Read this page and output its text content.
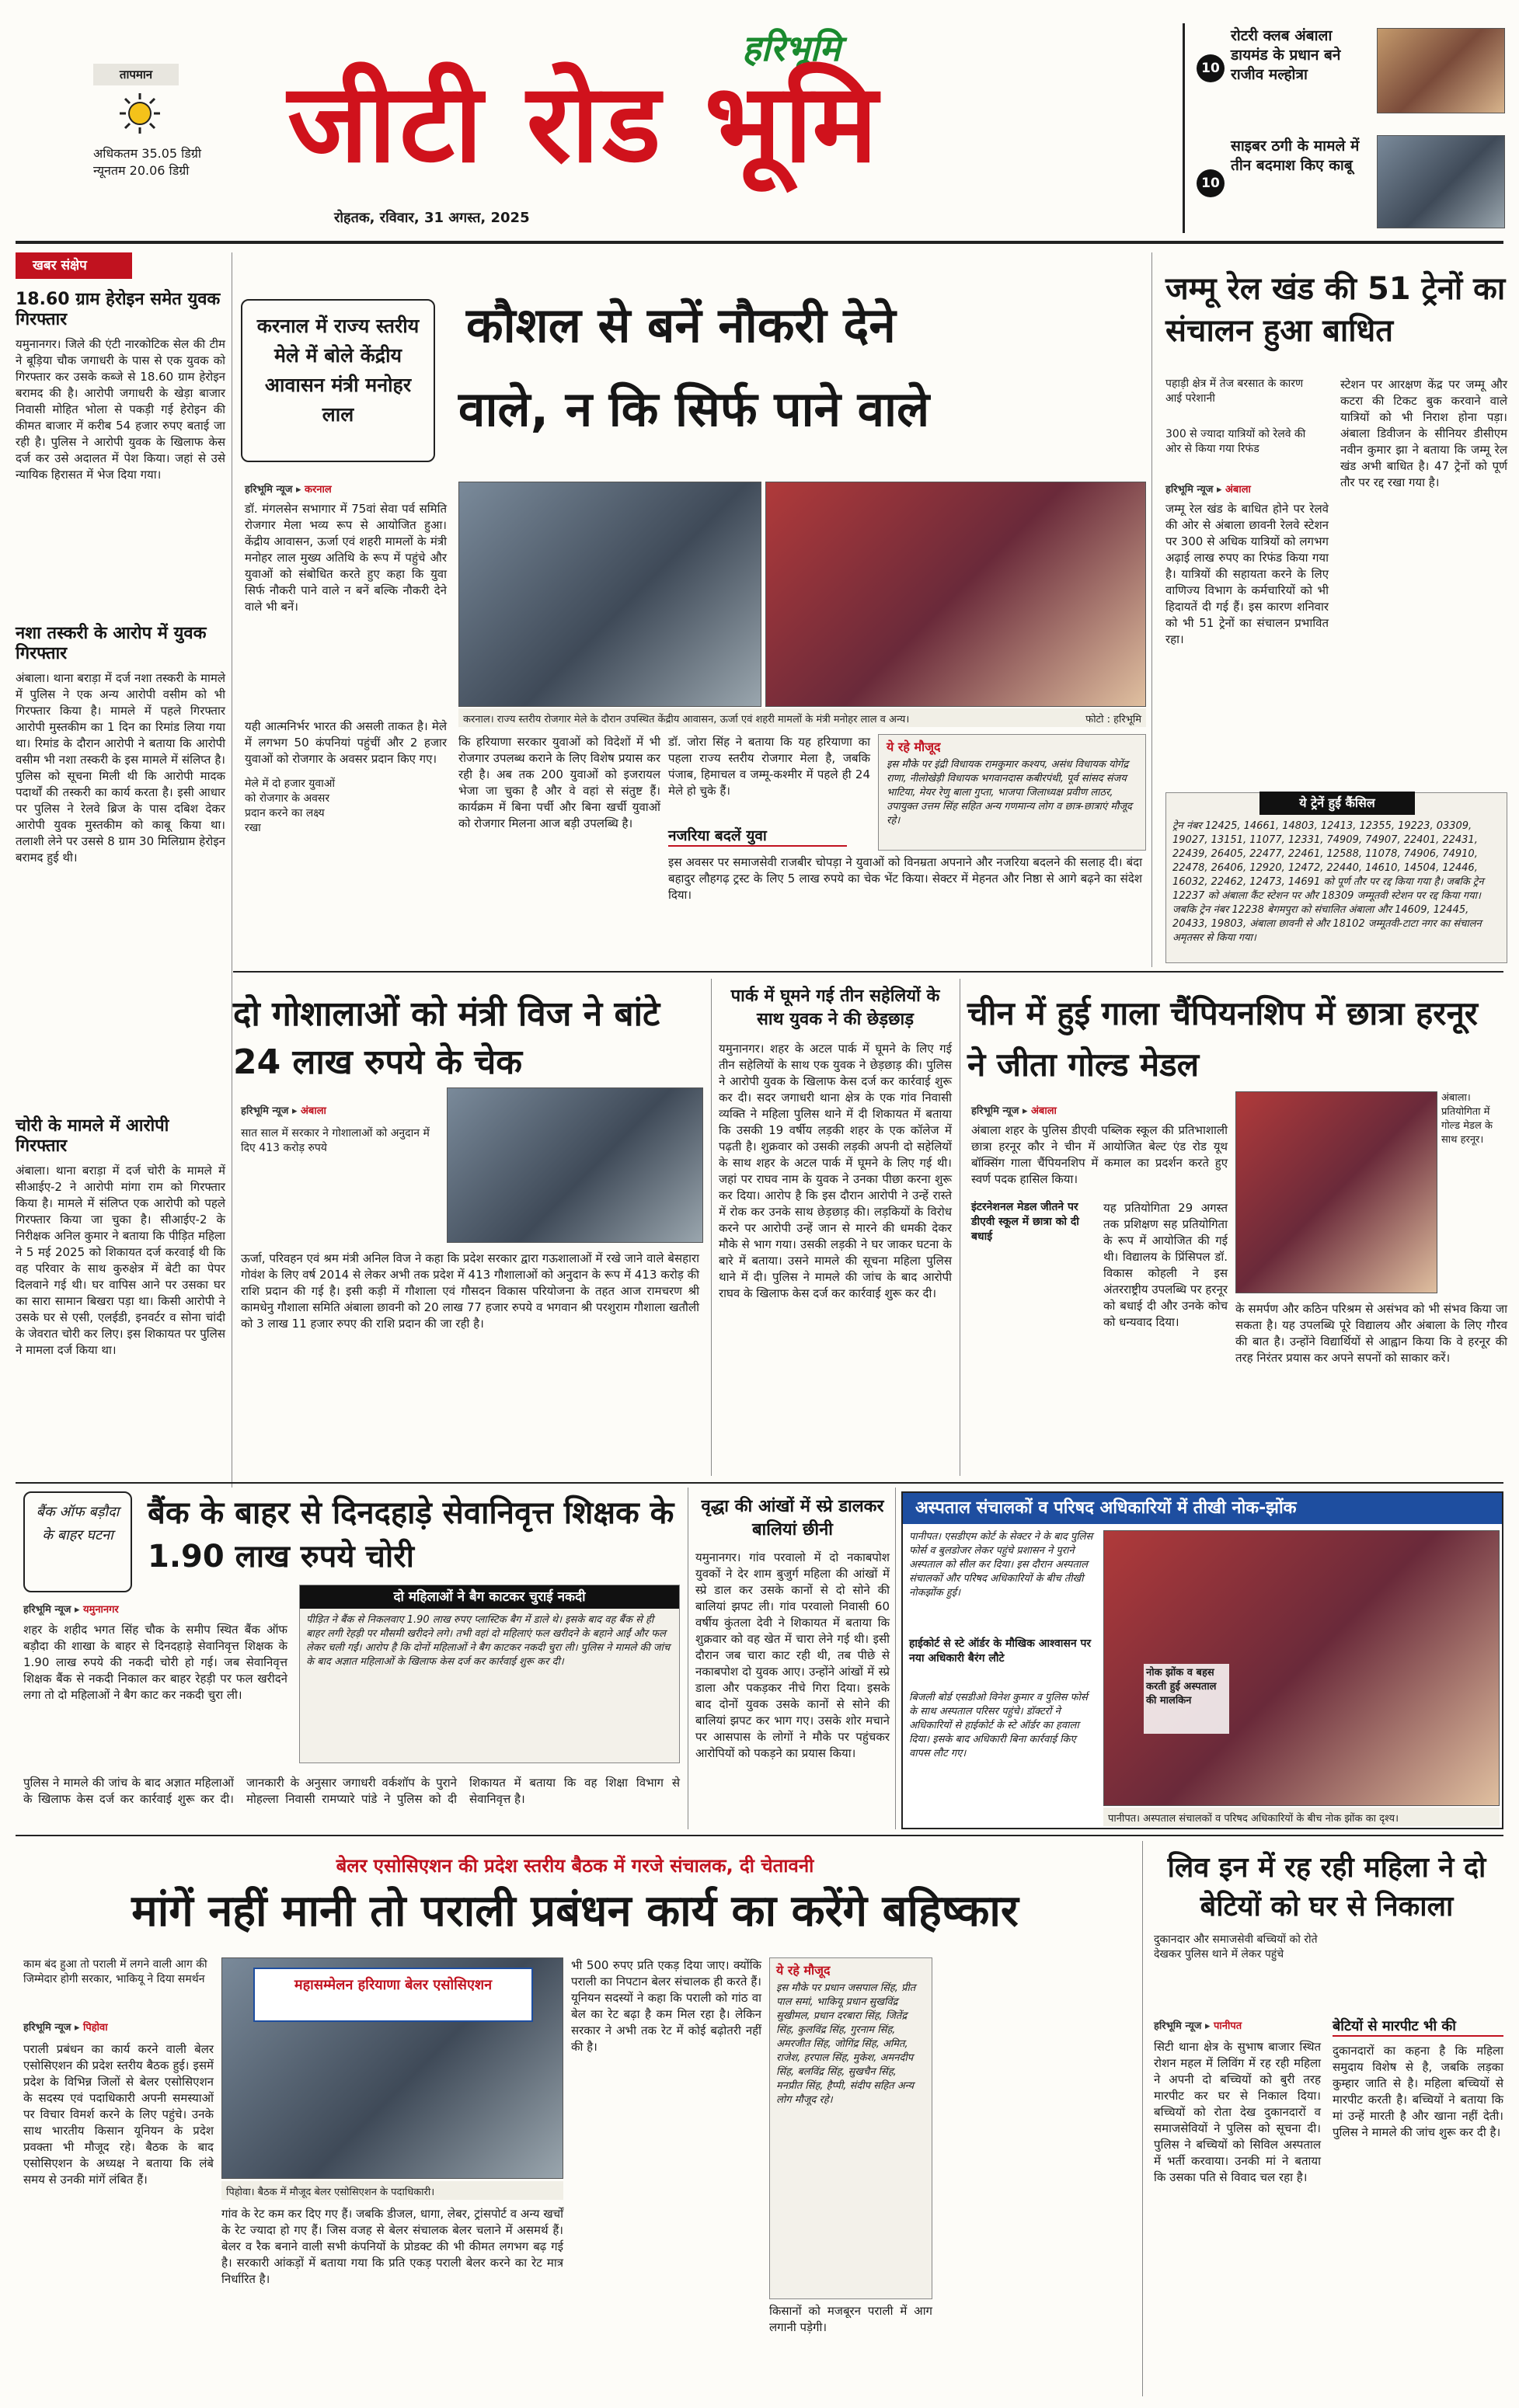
तापमान
अधिकतम 35.05 डिग्री
न्यूनतम 20.06 डिग्री
हरिभूमि
जीटी रोड भूमि
रोहतक, रविवार, 31 अगस्त, 2025
10
रोटरी क्लब अंबाला डायमंड के प्रधान बने राजीव मल्होत्रा
10
साइबर ठगी के मामले में तीन बदमाश किए काबू
खबर संक्षेप
18.60 ग्राम हेरोइन समेत युवक गिरफ्तार
यमुनानगर। जिले की एंटी नारकोटिक सेल की टीम ने बूड़िया चौक जगाधरी के पास से एक युवक को गिरफ्तार कर उसके कब्जे से 18.60 ग्राम हेरोइन बरामद की है। आरोपी जगाधरी के खेड़ा बाजार निवासी मोहित भोला से पकड़ी गई हेरोइन की कीमत बाजार में करीब 54 हजार रुपए बताई जा रही है। पुलिस ने आरोपी युवक के खिलाफ केस दर्ज कर उसे अदालत में पेश किया। जहां से उसे न्यायिक हिरासत में भेज दिया गया।
नशा तस्करी के आरोप में युवक गिरफ्तार
अंबाला। थाना बराड़ा में दर्ज नशा तस्करी के मामले में पुलिस ने एक अन्य आरोपी वसीम को भी गिरफ्तार किया है। मामले में पहले गिरफ्तार आरोपी मुस्तकीम का 1 दिन का रिमांड लिया गया था। रिमांड के दौरान आरोपी ने बताया कि आरोपी वसीम भी नशा तस्करी के इस मामले में संलिप्त है। पुलिस को सूचना मिली थी कि आरोपी मादक पदार्थों की तस्करी का कार्य करता है। इसी आधार पर पुलिस ने रेलवे ब्रिज के पास दबिश देकर आरोपी युवक मुस्तकीम को काबू किया था। तलाशी लेने पर उससे 8 ग्राम 30 मिलिग्राम हेरोइन बरामद हुई थी।
चोरी के मामले में आरोपी गिरफ्तार
अंबाला। थाना बराड़ा में दर्ज चोरी के मामले में सीआईए-2 ने आरोपी मांगा राम को गिरफ्तार किया है। मामले में संलिप्त एक आरोपी को पहले गिरफ्तार किया जा चुका है। सीआईए-2 के निरीक्षक अनिल कुमार ने बताया कि पीड़ित महिला ने 5 मई 2025 को शिकायत दर्ज करवाई थी कि वह परिवार के साथ कुरुक्षेत्र में बेटी का पेपर दिलवाने गई थी। घर वापिस आने पर उसका घर का सारा सामान बिखरा पड़ा था। किसी आरोपी ने उसके घर से एसी, एलईडी, इनवर्टर व सोना चांदी के जेवरात चोरी कर लिए। इस शिकायत पर पुलिस ने मामला दर्ज किया था।
करनाल में राज्य स्तरीय मेले में बोले केंद्रीय आवासन मंत्री मनोहर लाल
कौशल से बनें नौकरी देने
वाले, न कि सिर्फ पाने वाले
हरिभूमि न्यूज ▸ करनाल
डॉ. मंगलसेन सभागार में 75वां सेवा पर्व समिति रोजगार मेला भव्य रूप से आयोजित हुआ। केंद्रीय आवासन, ऊर्जा एवं शहरी मामलों के मंत्री मनोहर लाल मुख्य अतिथि के रूप में पहुंचे और युवाओं को संबोधित करते हुए कहा कि युवा सिर्फ नौकरी पाने वाले न बनें बल्कि नौकरी देने वाले भी बनें।
यही आत्मनिर्भर भारत की असली ताकत है। मेले में लगभग 50 कंपनियां पहुंचीं और 2 हजार युवाओं को रोजगार के अवसर प्रदान किए गए।
मेले में दो हजार युवाओं को रोजगार के अवसर प्रदान करने का लक्ष्य रखा
करनाल। राज्य स्तरीय रोजगार मेले के दौरान उपस्थित केंद्रीय आवासन, ऊर्जा एवं शहरी मामलों के मंत्री मनोहर लाल व अन्य।	फोटो : हरिभूमि
कि हरियाणा सरकार युवाओं को विदेशों में भी रोजगार उपलब्ध कराने के लिए विशेष प्रयास कर रही है। अब तक 200 युवाओं को इजरायल भेजा जा चुका है और वे वहां से संतुष्ट हैं। कार्यक्रम में बिना पर्ची और बिना खर्ची युवाओं को रोजगार मिलना आज बड़ी उपलब्धि है।
डॉ. जोरा सिंह ने बताया कि यह हरियाणा का पहला राज्य स्तरीय रोजगार मेला है, जबकि पंजाब, हिमाचल व जम्मू-कश्मीर में पहले ही 24 मेले हो चुके हैं।
नजरिया बदलें युवा
इस अवसर पर समाजसेवी राजबीर चोपड़ा ने युवाओं को विनम्रता अपनाने और नजरिया बदलने की सलाह दी। बंदा बहादुर लौहगढ़ ट्रस्ट के लिए 5 लाख रुपये का चेक भेंट किया। सेक्टर में मेहनत और निष्ठा से आगे बढ़ने का संदेश दिया।
ये रहे मौजूद
इस मौके पर इंद्री विधायक रामकुमार कश्यप, असंध विधायक योगेंद्र राणा, नीलोखेड़ी विधायक भगवानदास कबीरपंथी, पूर्व सांसद संजय भाटिया, मेयर रेणु बाला गुप्ता, भाजपा जिलाध्यक्ष प्रवीण लाठर, उपायुक्त उत्तम सिंह सहित अन्य गणमान्य लोग व छात्र-छात्राएं मौजूद रहे।
जम्मू रेल खंड की 51 ट्रेनों का संचालन हुआ बाधित
पहाड़ी क्षेत्र में तेज बरसात के कारण आई परेशानी
300 से ज्यादा यात्रियों को रेलवे की ओर से किया गया रिफंड
हरिभूमि न्यूज ▸ अंबाला
जम्मू रेल खंड के बाधित होने पर रेलवे की ओर से अंबाला छावनी रेलवे स्टेशन पर 300 से अधिक यात्रियों को लगभग अढ़ाई लाख रुपए का रिफंड किया गया है। यात्रियों की सहायता करने के लिए वाणिज्य विभाग के कर्मचारियों को भी हिदायतें दी गई हैं। इस कारण शनिवार को भी 51 ट्रेनों का संचालन प्रभावित रहा।
स्टेशन पर आरक्षण केंद्र पर जम्मू और कटरा की टिकट बुक करवाने वाले यात्रियों को भी निराश होना पड़ा। अंबाला डिवीजन के सीनियर डीसीएम नवीन कुमार झा ने बताया कि जम्मू रेल खंड अभी बाधित है। 47 ट्रेनों को पूर्ण तौर पर रद्द रखा गया है।
ये ट्रेनें हुईं कैंसिल
ट्रेन नंबर 12425, 14661, 14803, 12413, 12355, 19223, 03309, 19027, 13151, 11077, 12331, 74909, 74907, 22401, 22431, 22439, 26405, 22477, 22461, 12588, 11078, 74906, 74910, 22478, 26406, 12920, 12472, 22440, 14610, 14504, 12446, 16032, 22462, 12473, 14691 को पूर्ण तौर पर रद्द किया गया है। जबकि ट्रेन 12237 को अंबाला कैंट स्टेशन पर और 18309 जम्मूतवी स्टेशन पर रद्द किया गया। जबकि ट्रेन नंबर 12238 बेगमपुरा को संचालित अंबाला और 14609, 12445, 20433, 19803, अंबाला छावनी से और 18102 जम्मूतवी-टाटा नगर का संचालन अमृतसर से किया गया।
दो गोशालाओं को मंत्री विज ने बांटे 24 लाख रुपये के चेक
हरिभूमि न्यूज ▸ अंबाला
ऊर्जा, परिवहन एवं श्रम मंत्री अनिल विज ने कहा कि प्रदेश सरकार द्वारा गऊशालाओं में रखे जाने वाले बेसहारा गोवंश के लिए वर्ष 2014 से लेकर अभी तक प्रदेश में 413 गौशालाओं को अनुदान के रूप में 413 करोड़ की राशि प्रदान की गई है। इसी कड़ी में गौशाला एवं गौसदन विकास परियोजना के तहत आज रामचरण श्री कामधेनु गौशाला समिति अंबाला छावनी को 20 लाख 77 हजार रुपये व भगवान श्री परशुराम गौशाला खतौली को 3 लाख 11 हजार रुपए की राशि प्रदान की जा रही है।
सात साल में सरकार ने गोशालाओं को अनुदान में दिए 413 करोड़ रुपये
पार्क में घूमने गई तीन सहेलियों के साथ युवक ने की छेड़छाड़
यमुनानगर। शहर के अटल पार्क में घूमने के लिए गई तीन सहेलियों के साथ एक युवक ने छेड़छाड़ की। पुलिस ने आरोपी युवक के खिलाफ केस दर्ज कर कार्रवाई शुरू कर दी। सदर जगाधरी थाना क्षेत्र के एक गांव निवासी व्यक्ति ने महिला पुलिस थाने में दी शिकायत में बताया कि उसकी 19 वर्षीय लड़की शहर के एक कॉलेज में पढ़ती है। शुक्रवार को उसकी लड़की अपनी दो सहेलियों के साथ शहर के अटल पार्क में घूमने के लिए गई थी। जहां पर राघव नाम के युवक ने उनका पीछा करना शुरू कर दिया। आरोप है कि इस दौरान आरोपी ने उन्हें रास्ते में रोक कर उनके साथ छेड़छाड़ की। लड़कियों के विरोध करने पर आरोपी उन्हें जान से मारने की धमकी देकर मौके से भाग गया। उसकी लड़की ने घर जाकर घटना के बारे में बताया। उसने मामले की सूचना महिला पुलिस थाने में दी। पुलिस ने मामले की जांच के बाद आरोपी राघव के खिलाफ केस दर्ज कर कार्रवाई शुरू कर दी।
चीन में हुई गाला चैंपियनशिप में छात्रा हरनूर ने जीता गोल्ड मेडल
हरिभूमि न्यूज ▸ अंबाला
अंबाला शहर के पुलिस डीएवी पब्लिक स्कूल की प्रतिभाशाली छात्रा हरनूर कौर ने चीन में आयोजित बेल्ट एंड रोड यूथ बॉक्सिंग गाला चैंपियनशिप में कमाल का प्रदर्शन करते हुए स्वर्ण पदक हासिल किया।
इंटरनेशनल मेडल जीतने पर डीएवी स्कूल में छात्रा को दी बधाई
यह प्रतियोगिता 29 अगस्त तक प्रशिक्षण सह प्रतियोगिता के रूप में आयोजित की गई थी। विद्यालय के प्रिंसिपल डॉ. विकास कोहली ने इस अंतरराष्ट्रीय उपलब्धि पर हरनूर को बधाई दी और उनके कोच को धन्यवाद दिया।
अंबाला। प्रतियोगिता में गोल्ड मेडल के साथ हरनूर।
के समर्पण और कठिन परिश्रम से असंभव को भी संभव किया जा सकता है। यह उपलब्धि पूरे विद्यालय और अंबाला के लिए गौरव की बात है। उन्होंने विद्यार्थियों से आह्वान किया कि वे हरनूर की तरह निरंतर प्रयास कर अपने सपनों को साकार करें।
बैंक ऑफ बड़ौदा के बाहर घटना
बैंक के बाहर से दिनदहाड़े सेवानिवृत्त शिक्षक के 1.90 लाख रुपये चोरी
हरिभूमि न्यूज ▸ यमुनानगर
दो महिलाओं ने बैग काटकर चुराई नकदी
पीड़ित ने बैंक से निकलवाए 1.90 लाख रुपए प्लास्टिक बैग में डाले थे। इसके बाद वह बैंक से ही बाहर लगी रेहड़ी पर मौसमी खरीदने लगे। तभी वहां दो महिलाएं फल खरीदने के बहाने आईं और फल लेकर चली गईं। आरोप है कि दोनों महिलाओं ने बैग काटकर नकदी चुरा ली। पुलिस ने मामले की जांच के बाद अज्ञात महिलाओं के खिलाफ केस दर्ज कर कार्रवाई शुरू कर दी।
शहर के शहीद भगत सिंह चौक के समीप स्थित बैंक ऑफ बड़ौदा की शाखा के बाहर से दिनदहाड़े सेवानिवृत्त शिक्षक के 1.90 लाख रुपये की नकदी चोरी हो गई। जब सेवानिवृत्त शिक्षक बैंक से नकदी निकाल कर बाहर रेहड़ी पर फल खरीदने लगा तो दो महिलाओं ने बैग काट कर नकदी चुरा ली।
पुलिस ने मामले की जांच के बाद अज्ञात महिलाओं के खिलाफ केस दर्ज कर कार्रवाई शुरू कर दी। जानकारी के अनुसार जगाधरी वर्कशॉप के पुराने मोहल्ला निवासी रामप्यारे पांडे ने पुलिस को दी शिकायत में बताया कि वह शिक्षा विभाग से सेवानिवृत्त है।
वृद्धा की आंखों में स्प्रे डालकर बालियां छीनी
यमुनानगर। गांव परवालो में दो नकाबपोश युवकों ने देर शाम बुजुर्ग महिला की आंखों में स्प्रे डाल कर उसके कानों से दो सोने की बालियां झपट ली। गांव परवालो निवासी 60 वर्षीय कुंतला देवी ने शिकायत में बताया कि शुक्रवार को वह खेत में चारा लेने गई थी। इसी दौरान जब चारा काट रही थी, तब पीछे से नकाबपोश दो युवक आए। उन्होंने आंखों में स्प्रे डाला और पकड़कर नीचे गिरा दिया। इसके बाद दोनों युवक उसके कानों से सोने की बालियां झपट कर भाग गए। उसके शोर मचाने पर आसपास के लोगों ने मौके पर पहुंचकर आरोपियों को पकड़ने का प्रयास किया।
अस्पताल संचालकों व परिषद अधिकारियों में तीखी नोक-झोंक
पानीपत। एसडीएम कोर्ट के सेक्टर ने के बाद पुलिस फोर्स व बुलडोजर लेकर पहुंचे प्रशासन ने पुराने अस्पताल को सील कर दिया। इस दौरान अस्पताल संचालकों और परिषद अधिकारियों के बीच तीखी नोकझोंक हुई।
हाईकोर्ट से स्टे ऑर्डर के मौखिक आश्वासन पर नया अधिकारी बैरंग लौटे
बिजली बोर्ड एसडीओ विनेश कुमार व पुलिस फोर्स के साथ अस्पताल परिसर पहुंचे। डॉक्टरों ने अधिकारियों से हाईकोर्ट के स्टे ऑर्डर का हवाला दिया। इसके बाद अधिकारी बिना कार्रवाई किए वापस लौट गए।
नोक झोंक व बहस करती हुई अस्पताल की मालकिन
पानीपत। अस्पताल संचालकों व परिषद अधिकारियों के बीच नोक झोंक का दृश्य।
बेलर एसोसिएशन की प्रदेश स्तरीय बैठक में गरजे संचालक, दी चेतावनी
मांगें नहीं मानी तो पराली प्रबंधन कार्य का करेंगे बहिष्कार
काम बंद हुआ तो पराली में लगने वाली आग की जिम्मेदार होगी सरकार, भाकियू ने दिया समर्थन
हरिभूमि न्यूज ▸ पिहोवा
पराली प्रबंधन का कार्य करने वाली बेलर एसोसिएशन की प्रदेश स्तरीय बैठक हुई। इसमें प्रदेश के विभिन्न जिलों से बेलर एसोसिएशन के सदस्य एवं पदाधिकारी अपनी समस्याओं पर विचार विमर्श करने के लिए पहुंचे। उनके साथ भारतीय किसान यूनियन के प्रदेश प्रवक्ता भी मौजूद रहे। बैठक के बाद एसोसिएशन के अध्यक्ष ने बताया कि लंबे समय से उनकी मांगें लंबित हैं।
महासम्मेलन हरियाणा बेलर एसोसिएशन
पिहोवा। बैठक में मौजूद बेलर एसोसिएशन के पदाधिकारी।
गांव के रेट कम कर दिए गए हैं। जबकि डीजल, धागा, लेबर, ट्रांसपोर्ट व अन्य खर्चों के रेट ज्यादा हो गए हैं। जिस वजह से बेलर संचालक बेलर चलाने में असमर्थ हैं। बेलर व रैक बनाने वाली सभी कंपनियों के प्रोडक्ट की भी कीमत लगभग बढ़ गई है। सरकारी आंकड़ों में बताया गया कि प्रति एकड़ पराली बेलर करने का रेट मात्र निर्धारित है।
भी 500 रुपए प्रति एकड़ दिया जाए। क्योंकि पराली का निपटान बेलर संचालक ही करते हैं। यूनियन सदस्यों ने कहा कि पराली को गांठ वा बेल का रेट बढ़ा है कम मिल रहा है। लेकिन सरकार ने अभी तक रेट में कोई बढ़ोतरी नहीं की है।
ये रहे मौजूद
इस मौके पर प्रधान जसपाल सिंह, प्रीत पाल समां, भाकियू प्रधान सुखविंद्र सुखीमल, प्रधान दरबारा सिंह, जितेंद्र सिंह, कुलविंद्र सिंह, गुरनाम सिंह, अमरजीत सिंह, जोगिंद्र सिंह, अमित, राजेश, हरपाल सिंह, मुकेश, अमनदीप सिंह, बलविंद्र सिंह, सुखचैन सिंह, मनप्रीत सिंह, हैप्पी, संदीप सहित अन्य लोग मौजूद रहे।
किसानों को मजबूरन पराली में आग लगानी पड़ेगी।
लिव इन में रह रही महिला ने दो बेटियों को घर से निकाला
दुकानदार और समाजसेवी बच्चियों को रोते देखकर पुलिस थाने में लेकर पहुंचे
हरिभूमि न्यूज ▸ पानीपत
सिटी थाना क्षेत्र के सुभाष बाजार स्थित रोशन महल में लिविंग में रह रही महिला ने अपनी दो बच्चियों को बुरी तरह मारपीट कर घर से निकाल दिया। बच्चियों को रोता देख दुकानदारों व समाजसेवियों ने पुलिस को सूचना दी। पुलिस ने बच्चियों को सिविल अस्पताल में भर्ती करवाया। उनकी मां ने बताया कि उसका पति से विवाद चल रहा है।
बेटियों से मारपीट भी की
दुकानदारों का कहना है कि महिला समुदाय विशेष से है, जबकि लड़का कुम्हार जाति से है। महिला बच्चियों से मारपीट करती है। बच्चियों ने बताया कि मां उन्हें मारती है और खाना नहीं देती। पुलिस ने मामले की जांच शुरू कर दी है।
